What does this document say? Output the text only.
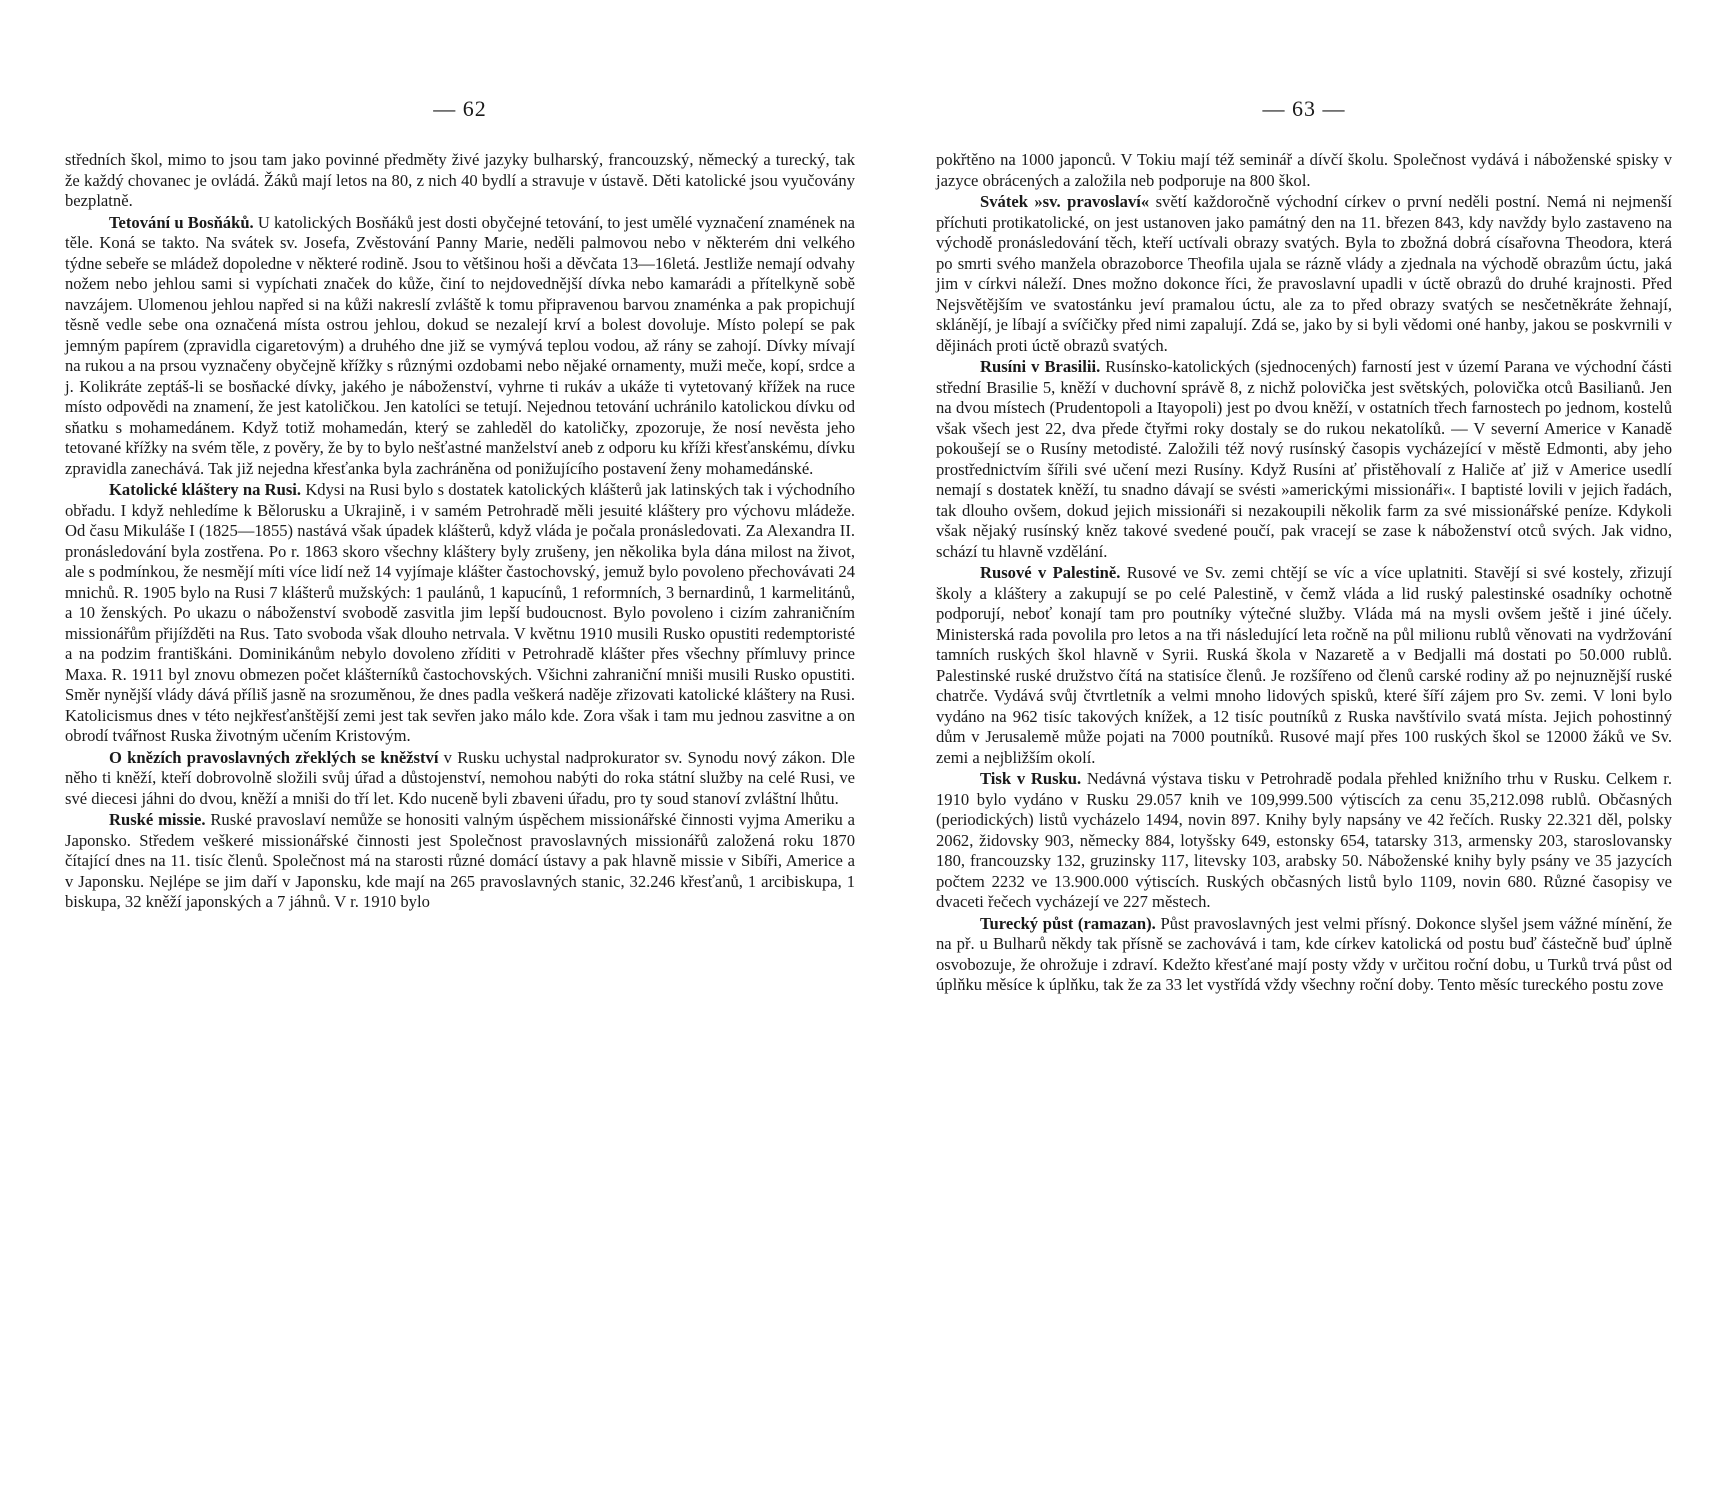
— 62

středních škol, mimo to jsou tam jako povinné předměty živé jazyky bulharský, francouzský, německý a turecký, tak že každý chovanec je ovládá. Žáků mají letos na 80, z nich 40 bydlí a stravuje v ústavě. Děti katolické jsou vyučovány bezplatně.

Tetování u Bosňáků. U katolických Bosňáků jest dosti obyčejné tetování, to jest umělé vyznačení znamének na těle. Koná se takto. Na svátek sv. Josefa, Zvěstování Panny Marie, neděli palmovou nebo v některém dni velkého týdne sebeře se mládež dopoledne v některé rodině. Jsou to většinou hoši a děvčata 13—16letá. Jestliže nemají odvahy nožem nebo jehlou sami si vypíchati značek do kůže, činí to nejdovednější dívka nebo kamarádi a přítelkyně sobě navzájem. Ulomenou jehlou napřed si na kůži nakreslí zvláště k tomu připravenou barvou znaménka a pak propichují těsně vedle sebe ona označená místa ostrou jehlou, dokud se nezalejí krví a bolest dovoluje. Místo polepí se pak jemným papírem (zpravidla cigaretovým) a druhého dne již se vymývá teplou vodou, až rány se zahojí. Dívky mívají na rukou a na prsou vyznačeny obyčejně křížky s různými ozdobami nebo nějaké ornamenty, muži meče, kopí, srdce a j. Kolikráte zeptáš-li se bosňacké dívky, jakého je náboženství, vyhrne ti rukáv a ukáže ti vytetovaný křížek na ruce místo odpovědi na znamení, že jest katoličkou. Jen katolíci se tetují. Nejednou tetování uchránilo katolickou dívku od sňatku s mohamedánem. Když totiž mohamedán, který se zahleděl do katoličky, zpozoruje, že nosí nevěsta jeho tetované křížky na svém těle, z pověry, že by to bylo nešťastné manželství aneb z odporu ku kříži křesťanskému, dívku zpravidla zanechává. Tak již nejedna křesťanka byla zachráněna od ponižujícího postavení ženy mohamedánské.

Katolické kláštery na Rusi. Kdysi na Rusi bylo s dostatek katolických klášterů jak latinských tak i východního obřadu. I když nehledíme k Bělorusku a Ukrajině, i v samém Petrohradě měli jesuité kláštery pro výchovu mládeže. Od času Mikuláše I (1825—1855) nastává však úpadek klášterů, když vláda je počala pronásledovati. Za Alexandra II. pronásledování byla zostřena. Po r. 1863 skoro všechny kláštery byly zrušeny, jen několika byla dána milost na život, ale s podmínkou, že nesmějí míti více lidí než 14 vyjímaje klášter častochovský, jemuž bylo povoleno přechovávati 24 mnichů. R. 1905 bylo na Rusi 7 klášterů mužských: 1 paulánů, 1 kapucínů, 1 reformních, 3 bernardinů, 1 karmelitánů, a 10 ženských. Po ukazu o náboženství svobodě zasvitla jim lepší budoucnost. Bylo povoleno i cizím zahraničním missionářům přijížděti na Rus. Tato svoboda však dlouho netrvala. V květnu 1910 musili Rusko opustiti redemptoristé a na podzim františkáni. Dominikánům nebylo dovoleno zříditi v Petrohradě klášter přes všechny přímluvy prince Maxa. R. 1911 byl znovu obmezen počet klášterníků častochovských. Všichni zahraniční mniši musili Rusko opustiti. Směr nynější vlády dává příliš jasně na srozuměnou, že dnes padla veškerá naděje zřizovati katolické kláštery na Rusi. Katolicismus dnes v této nejkřesťanštější zemi jest tak sevřen jako málo kde. Zora však i tam mu jednou zasvitne a on obrodí tvářnost Ruska životným učením Kristovým.

O knězích pravoslavných zřeklých se kněžství v Rusku uchystal nadprokurator sv. Synodu nový zákon. Dle něho ti kněží, kteří dobrovolně složili svůj úřad a důstojenství, nemohou nabýti do roka státní služby na celé Rusi, ve své diecesi jáhni do dvou, kněží a mniši do tří let. Kdo nuceně byli zbaveni úřadu, pro ty soud stanoví zvláštní lhůtu.

Ruské missie. Ruské pravoslaví nemůže se honositi valným úspěchem missionářské činnosti vyjma Ameriku a Japonsko. Středem veškeré missionářské činnosti jest Společnost pravoslavných missionářů založená roku 1870 čítající dnes na 11. tisíc členů. Společnost má na starosti různé domácí ústavy a pak hlavně missie v Sibíři, Americe a v Japonsku. Nejlépe se jim daří v Japonsku, kde mají na 265 pravoslavných stanic, 32.246 křesťanů, 1 arcibiskupa, 1 biskupa, 32 kněží japonských a 7 jáhnů. V r. 1910 bylo

— 63 —

pokřtěno na 1000 japonců. V Tokiu mají též seminář a dívčí školu. Společnost vydává i náboženské spisky v jazyce obrácených a založila neb podporuje na 800 škol.

Svátek »sv. pravoslaví« světí každoročně východní církev o první neděli postní. Nemá ni nejmenší příchuti protikatolické, on jest ustanoven jako památný den na 11. březen 843, kdy navždy bylo zastaveno na východě pronásledování těch, kteří uctívali obrazy svatých. Byla to zbožná dobrá císařovna Theodora, která po smrti svého manžela obrazoborce Theofila ujala se rázně vlády a zjednala na východě obrazům úctu, jaká jim v církvi náleží. Dnes možno dokonce říci, že pravoslavní upadli v úctě obrazů do druhé krajnosti. Před Nejsvětějším ve svatostánku jeví pramalou úctu, ale za to před obrazy svatých se nesčetněkráte žehnají, sklánějí, je líbají a svíčičky před nimi zapalují. Zdá se, jako by si byli vědomi oné hanby, jakou se poskvrnili v dějinách proti úctě obrazů svatých.

Rusíni v Brasilii. Rusínsko-katolických (sjednocených) farností jest v území Parana ve východní části střední Brasilie 5, kněží v duchovní správě 8, z nichž polovička jest světských, polovička otců Basilianů. Jen na dvou místech (Prudentopoli a Itayopoli) jest po dvou kněží, v ostatních třech farnostech po jednom, kostelů však všech jest 22, dva přede čtyřmi roky dostaly se do rukou nekatolíků. — V severní Americe v Kanadě pokoušejí se o Rusíny metodisté. Založili též nový rusínský časopis vycházející v městě Edmonti, aby jeho prostřednictvím šířili své učení mezi Rusíny. Když Rusíni ať přistěhovalí z Haliče ať již v Americe usedlí nemají s dostatek kněží, tu snadno dávají se svésti »americkými missionáři«. I baptisté lovili v jejich řadách, tak dlouho ovšem, dokud jejich missionáři si nezakoupili několik farm za své missionářské peníze. Kdykoli však nějaký rusínský kněz takové svedené poučí, pak vracejí se zase k náboženství otců svých. Jak vidno, schází tu hlavně vzdělání.

Rusové v Palestině. Rusové ve Sv. zemi chtějí se víc a více uplatniti. Stavějí si své kostely, zřizují školy a kláštery a zakupují se po celé Palestině, v čemž vláda a lid ruský palestinské osadníky ochotně podporují, neboť konají tam pro poutníky výtečné služby. Vláda má na mysli ovšem ještě i jiné účely. Ministerská rada povolila pro letos a na tři následující leta ročně na půl milionu rublů věnovati na vydržování tamních ruských škol hlavně v Syrii. Ruská škola v Nazaretě a v Bedjalli má dostati po 50.000 rublů. Palestinské ruské družstvo čítá na statisíce členů. Je rozšířeno od členů carské rodiny až po nejnuznější ruské chatrče. Vydává svůj čtvrtletník a velmi mnoho lidových spisků, které šíří zájem pro Sv. zemi. V loni bylo vydáno na 962 tisíc takových knížek, a 12 tisíc poutníků z Ruska navštívilo svatá místa. Jejich pohostinný dům v Jerusalemě může pojati na 7000 poutníků. Rusové mají přes 100 ruských škol se 12000 žáků ve Sv. zemi a nejbližším okolí.

Tisk v Rusku. Nedávná výstava tisku v Petrohradě podala přehled knižního trhu v Rusku. Celkem r. 1910 bylo vydáno v Rusku 29.057 knih ve 109,999.500 výtiscích za cenu 35,212.098 rublů. Občasných (periodických) listů vycházelo 1494, novin 897. Knihy byly napsány ve 42 řečích. Rusky 22.321 děl, polsky 2062, židovsky 903, německy 884, lotyšsky 649, estonsky 654, tatarsky 313, armensky 203, staroslovansky 180, francouzsky 132, gruzinsky 117, litevsky 103, arabsky 50. Náboženské knihy byly psány ve 35 jazycích počtem 2232 ve 13.900.000 výtiscích. Ruských občasných listů bylo 1109, novin 680. Různé časopisy ve dvaceti řečech vycházejí ve 227 městech.

Turecký půst (ramazan). Půst pravoslavných jest velmi přísný. Dokonce slyšel jsem vážné mínění, že na př. u Bulharů někdy tak přísně se zachovává i tam, kde církev katolická od postu buď částečně buď úplně osvobozuje, že ohrožuje i zdraví. Kdežto křesťané mají posty vždy v určitou roční dobu, u Turků trvá půst od úplňku měsíce k úplňku, tak že za 33 let vystřídá vždy všechny roční doby. Tento měsíc tureckého postu zove
